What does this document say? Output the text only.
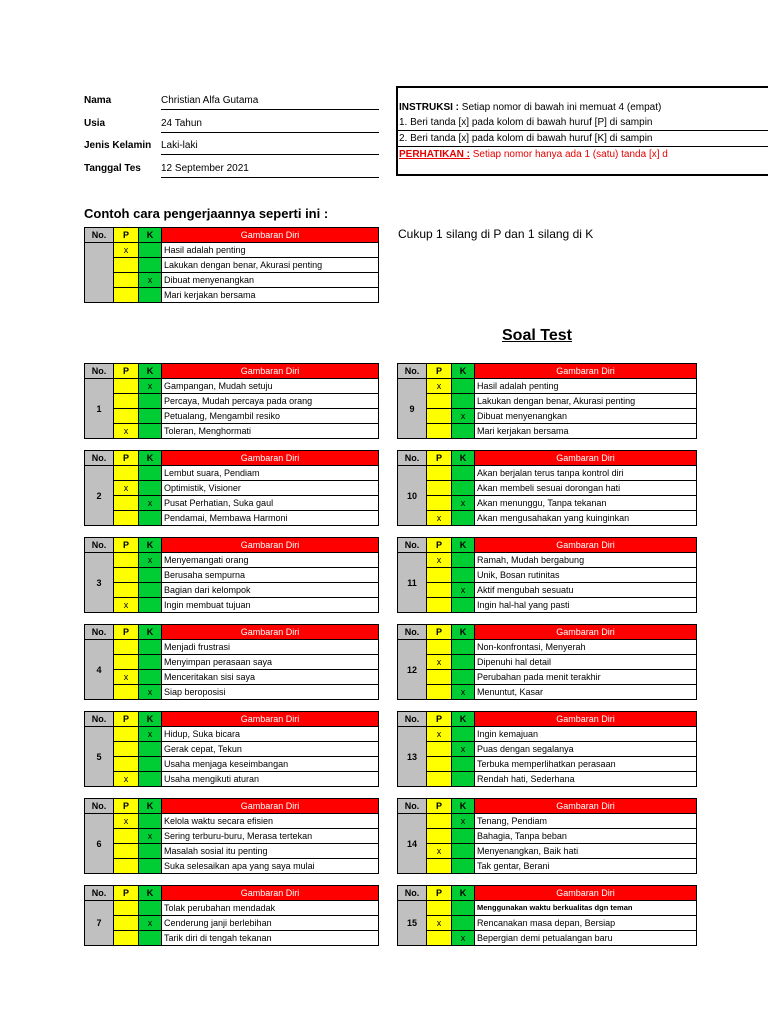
Nama	Christian Alfa Gutama
Usia	24 Tahun
Jenis Kelamin Laki-laki
Tanggal Tes 12 September 2021
INSTRUKSI : Setiap nomor di bawah ini memuat 4 (empat)
1. Beri tanda [x] pada kolom di bawah huruf [P] di sampin
2. Beri tanda [x] pada kolom di bawah huruf [K] di sampin
PERHATIKAN : Setiap nomor hanya ada 1 (satu) tanda [x] d
Contoh cara pengerjaannya seperti ini :
Cukup 1 silang di P dan 1 silang di K
Soal Test
No.	P	K	Gambaran Diri
	x		Hasil adalah penting
			Lakukan dengan benar, Akurasi penting
		x	Dibuat menyenangkan
			Mari kerjakan bersama
No.	P	K	Gambaran Diri
1		x	Gampangan, Mudah setuju
			Percaya, Mudah percaya pada orang
			Petualang, Mengambil resiko
	x		Toleran, Menghormati
No.	P	K	Gambaran Diri
2			Lembut suara, Pendiam
	x		Optimistik, Visioner
		x	Pusat Perhatian, Suka gaul
			Pendamai, Membawa Harmoni
No.	P	K	Gambaran Diri
3		x	Menyemangati orang
			Berusaha sempurna
			Bagian dari kelompok
	x		Ingin membuat tujuan
No.	P	K	Gambaran Diri
4			Menjadi frustrasi
			Menyimpan perasaan saya
	x		Menceritakan sisi saya
		x	Siap beroposisi
No.	P	K	Gambaran Diri
5		x	Hidup, Suka bicara
			Gerak cepat, Tekun
			Usaha menjaga keseimbangan
	x		Usaha mengikuti aturan
No.	P	K	Gambaran Diri
6	x		Kelola waktu secara efisien
		x	Sering terburu-buru, Merasa tertekan
			Masalah sosial itu penting
			Suka selesaikan apa yang saya mulai
No.	P	K	Gambaran Diri
7			Tolak perubahan mendadak
		x	Cenderung janji berlebihan
			Tarik diri di tengah tekanan
No.	P	K	Gambaran Diri
9	x		Hasil adalah penting
			Lakukan dengan benar, Akurasi penting
		x	Dibuat menyenangkan
			Mari kerjakan bersama
No.	P	K	Gambaran Diri
10			Akan berjalan terus tanpa kontrol diri
			Akan membeli sesuai dorongan hati
		x	Akan menunggu, Tanpa tekanan
	x		Akan mengusahakan yang kuinginkan
No.	P	K	Gambaran Diri
11	x		Ramah, Mudah bergabung
			Unik, Bosan rutinitas
		x	Aktif mengubah sesuatu
			Ingin hal-hal yang pasti
No.	P	K	Gambaran Diri
12			Non-konfrontasi, Menyerah
	x		Dipenuhi hal detail
			Perubahan pada menit terakhir
		x	Menuntut, Kasar
No.	P	K	Gambaran Diri
13	x		Ingin kemajuan
		x	Puas dengan segalanya
			Terbuka memperlihatkan perasaan
			Rendah hati, Sederhana
No.	P	K	Gambaran Diri
14		x	Tenang, Pendiam
			Bahagia, Tanpa beban
	x		Menyenangkan, Baik hati
			Tak gentar, Berani
No.	P	K	Gambaran Diri
15			Menggunakan waktu berkualitas dgn teman
	x		Rencanakan masa depan, Bersiap
		x	Bepergian demi petualangan baru
